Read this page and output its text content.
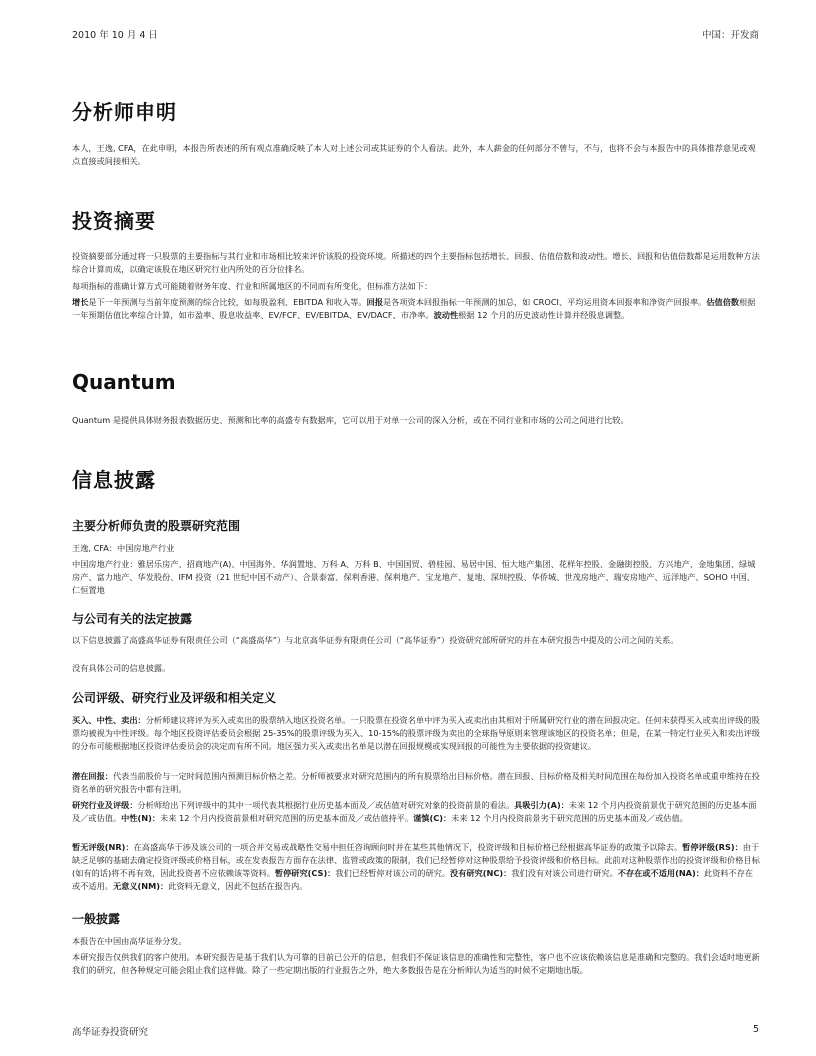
2010 年 10 月 4 日	中国：开发商
分析师申明

本人，王逸, CFA，在此申明，本报告所表述的所有观点准确反映了本人对上述公司或其证券的个人看法。此外，本人薪金的任何部分不曾与，不与，也将不会与本报告中的具体推荐意见或观点直接或间接相关。

投资摘要

投资摘要部分通过将一只股票的主要指标与其行业和市场相比较来评价该股的投资环境。所描述的四个主要指标包括增长、回报、估值倍数和波动性。增长、回报和估值倍数都是运用数种方法综合计算而成，以确定该股在地区研究行业内所处的百分位排名。

每项指标的准确计算方式可能随着财务年度、行业和所属地区的不同而有所变化，但标准方法如下：

增长是下一年预测与当前年度预测的综合比较，如每股盈利、EBITDA 和收入等。回报是各项资本回报指标一年预测的加总，如 CROCI、平均运用资本回报率和净资产回报率。估值倍数根据一年预期估值比率综合计算，如市盈率、股息收益率、EV/FCF、EV/EBITDA、EV/DACF、市净率。波动性根据 12 个月的历史波动性计算并经股息调整。

Quantum

Quantum 是提供具体财务报表数据历史、预测和比率的高盛专有数据库，它可以用于对单一公司的深入分析，或在不同行业和市场的公司之间进行比较。

信息披露
主要分析师负责的股票研究范围

王逸, CFA：中国房地产行业

中国房地产行业：雅居乐房产、招商地产(A)、中国海外、华润置地、万科 A、万科 B、中国国贸、碧桂园、易居中国、恒大地产集团、花样年控股、金融街控股、方兴地产、金地集团、绿城房产、富力地产、华发股份、IFM 投资（21 世纪中国不动产）、合景泰富、保利香港、保利地产、宝龙地产、复地、深圳控股、华侨城、世茂房地产、瑞安房地产、远洋地产、SOHO 中国、仁恒置地

与公司有关的法定披露

以下信息披露了高盛高华证券有限责任公司（“高盛高华”）与北京高华证券有限责任公司（“高华证券”）投资研究部所研究的并在本研究报告中提及的公司之间的关系。

没有具体公司的信息披露。

公司评级、研究行业及评级和相关定义

买入、中性、卖出：分析师建议将评为买入或卖出的股票纳入地区投资名单。一只股票在投资名单中评为买入或卖出由其相对于所属研究行业的潜在回报决定。任何未获得买入或卖出评级的股票均被视为中性评级。每个地区投资评估委员会根据 25-35%的股票评级为买入、10-15%的股票评级为卖出的全球指导原则来管理该地区的投资名单；但是，在某一特定行业买入和卖出评级的分布可能根据地区投资评估委员会的决定而有所不同。地区强力买入或卖出名单是以潜在回报规模或实现回报的可能性为主要依据的投资建议。

潜在回报：代表当前股价与一定时间范围内预测目标价格之差。分析师被要求对研究范围内的所有股票给出目标价格。潜在回报、目标价格及相关时间范围在每份加入投资名单或重申维持在投资名单的研究报告中都有注明。

研究行业及评级：分析师给出下列评级中的其中一项代表其根据行业历史基本面及／或估值对研究对象的投资前景的看法。具吸引力(A)：未来 12 个月内投资前景优于研究范围的历史基本面及／或估值。中性(N)：未来 12 个月内投资前景相对研究范围的历史基本面及／或估值持平。谨慎(C)：未来 12 个月内投资前景劣于研究范围的历史基本面及／或估值。

暂无评级(NR)：在高盛高华于涉及该公司的一项合并交易或战略性交易中担任咨询顾问时并在某些其他情况下，投资评级和目标价格已经根据高华证券的政策予以除去。暂停评级(RS)：由于缺乏足够的基础去确定投资评级或价格目标，或在发表报告方面存在法律、监管或政策的限制，我们已经暂停对这种股票给予投资评级和价格目标。此前对这种股票作出的投资评级和价格目标(如有的话)将不再有效，因此投资者不应依赖该等资料。暂停研究(CS)：我们已经暂停对该公司的研究。没有研究(NC)：我们没有对该公司进行研究。不存在或不适用(NA)：此资料不存在或不适用。无意义(NM)：此资料无意义，因此不包括在报告内。

一般披露

本报告在中国由高华证券分发。

本研究报告仅供我们的客户使用。本研究报告是基于我们认为可靠的目前已公开的信息，但我们不保证该信息的准确性和完整性，客户也不应该依赖该信息是准确和完整的。我们会适时地更新我们的研究，但各种规定可能会阻止我们这样做。除了一些定期出版的行业报告之外，绝大多数报告是在分析师认为适当的时候不定期地出版。

高华证券投资研究	5
